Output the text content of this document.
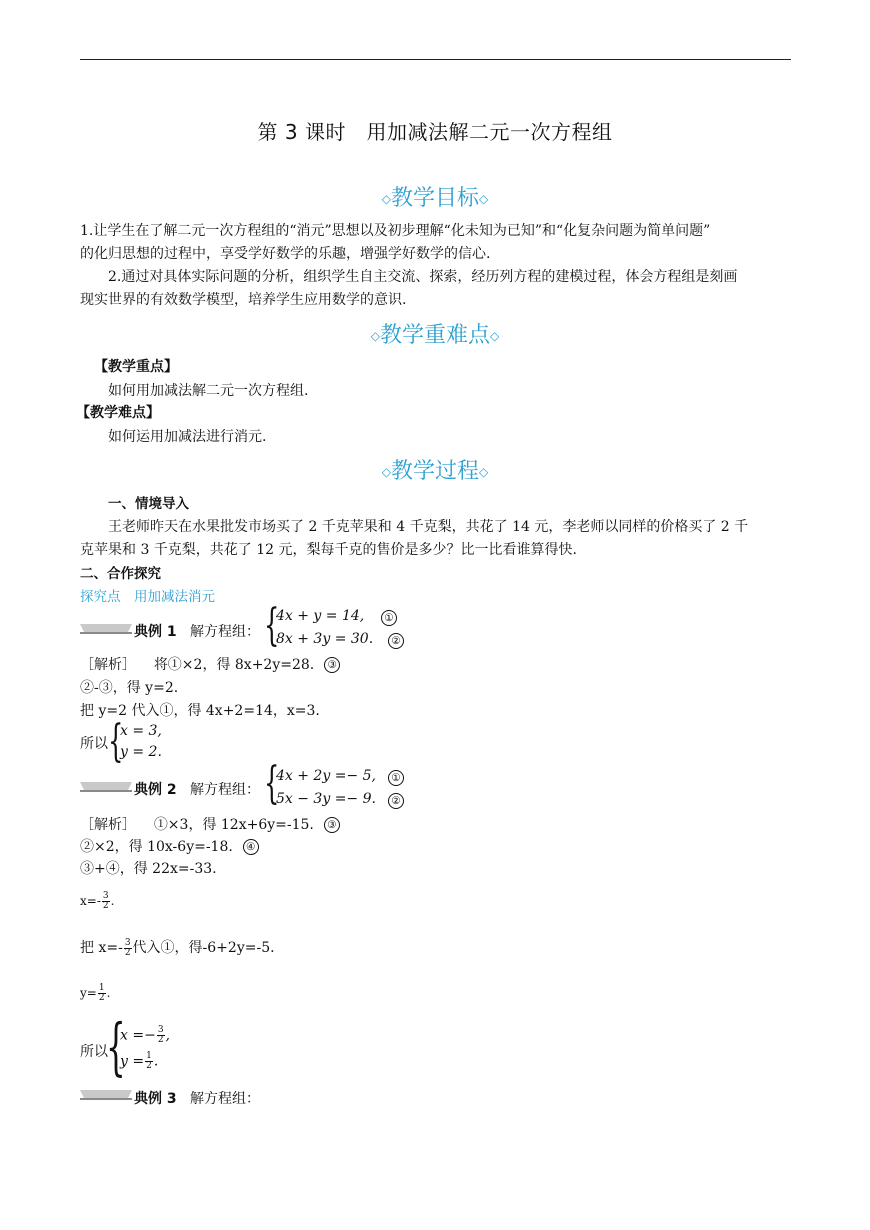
第 3 课时　用加减法解二元一次方程组
◇教学目标◇
1.让学生在了解二元一次方程组的“消元”思想以及初步理解“化未知为已知”和“化复杂问题为简单问题”
的化归思想的过程中，享受学好数学的乐趣，增强学好数学的信心.
2.通过对具体实际问题的分析，组织学生自主交流、探索，经历列方程的建模过程，体会方程组是刻画
现实世界的有效数学模型，培养学生应用数学的意识.
◇教学重难点◇
【教学重点】
如何用加减法解二元一次方程组.
【教学难点】
如何运用加减法进行消元.
◇教学过程◇
一、情境导入
王老师昨天在水果批发市场买了 2 千克苹果和 4 千克梨，共花了 14 元，李老师以同样的价格买了 2 千
克苹果和 3 千克梨，共花了 12 元，梨每千克的售价是多少？比一比看谁算得快.
二、合作探究
探究点　用加减法消元
典例 1 解方程组： {
4x + y = 14,
8x + 3y = 30.
①
②
［解析］ 将①×2，得 8x+2y=28. ③
②-③，得 y=2.
把 y=2 代入①，得 4x+2=14，x=3.
所以 {
x = 3,
y = 2.
典例 2 解方程组： {
4x + 2y =− 5,
5x − 3y =− 9.
①
②
［解析］ ①×3，得 12x+6y=-15. ③
②×2，得 10x-6y=-18. ④
③+④，得 22x=-33.
$x=- \frac{3}{2}$ .
把 $x=- \frac{3}{2}$ 代入①，得-6+2y=-5.
$y= \frac{1}{2}$ .
所以
{
$x =- \frac{3}{2}$ ,
$y = \frac{1}{2}$ .
典例 3 解方程组：
